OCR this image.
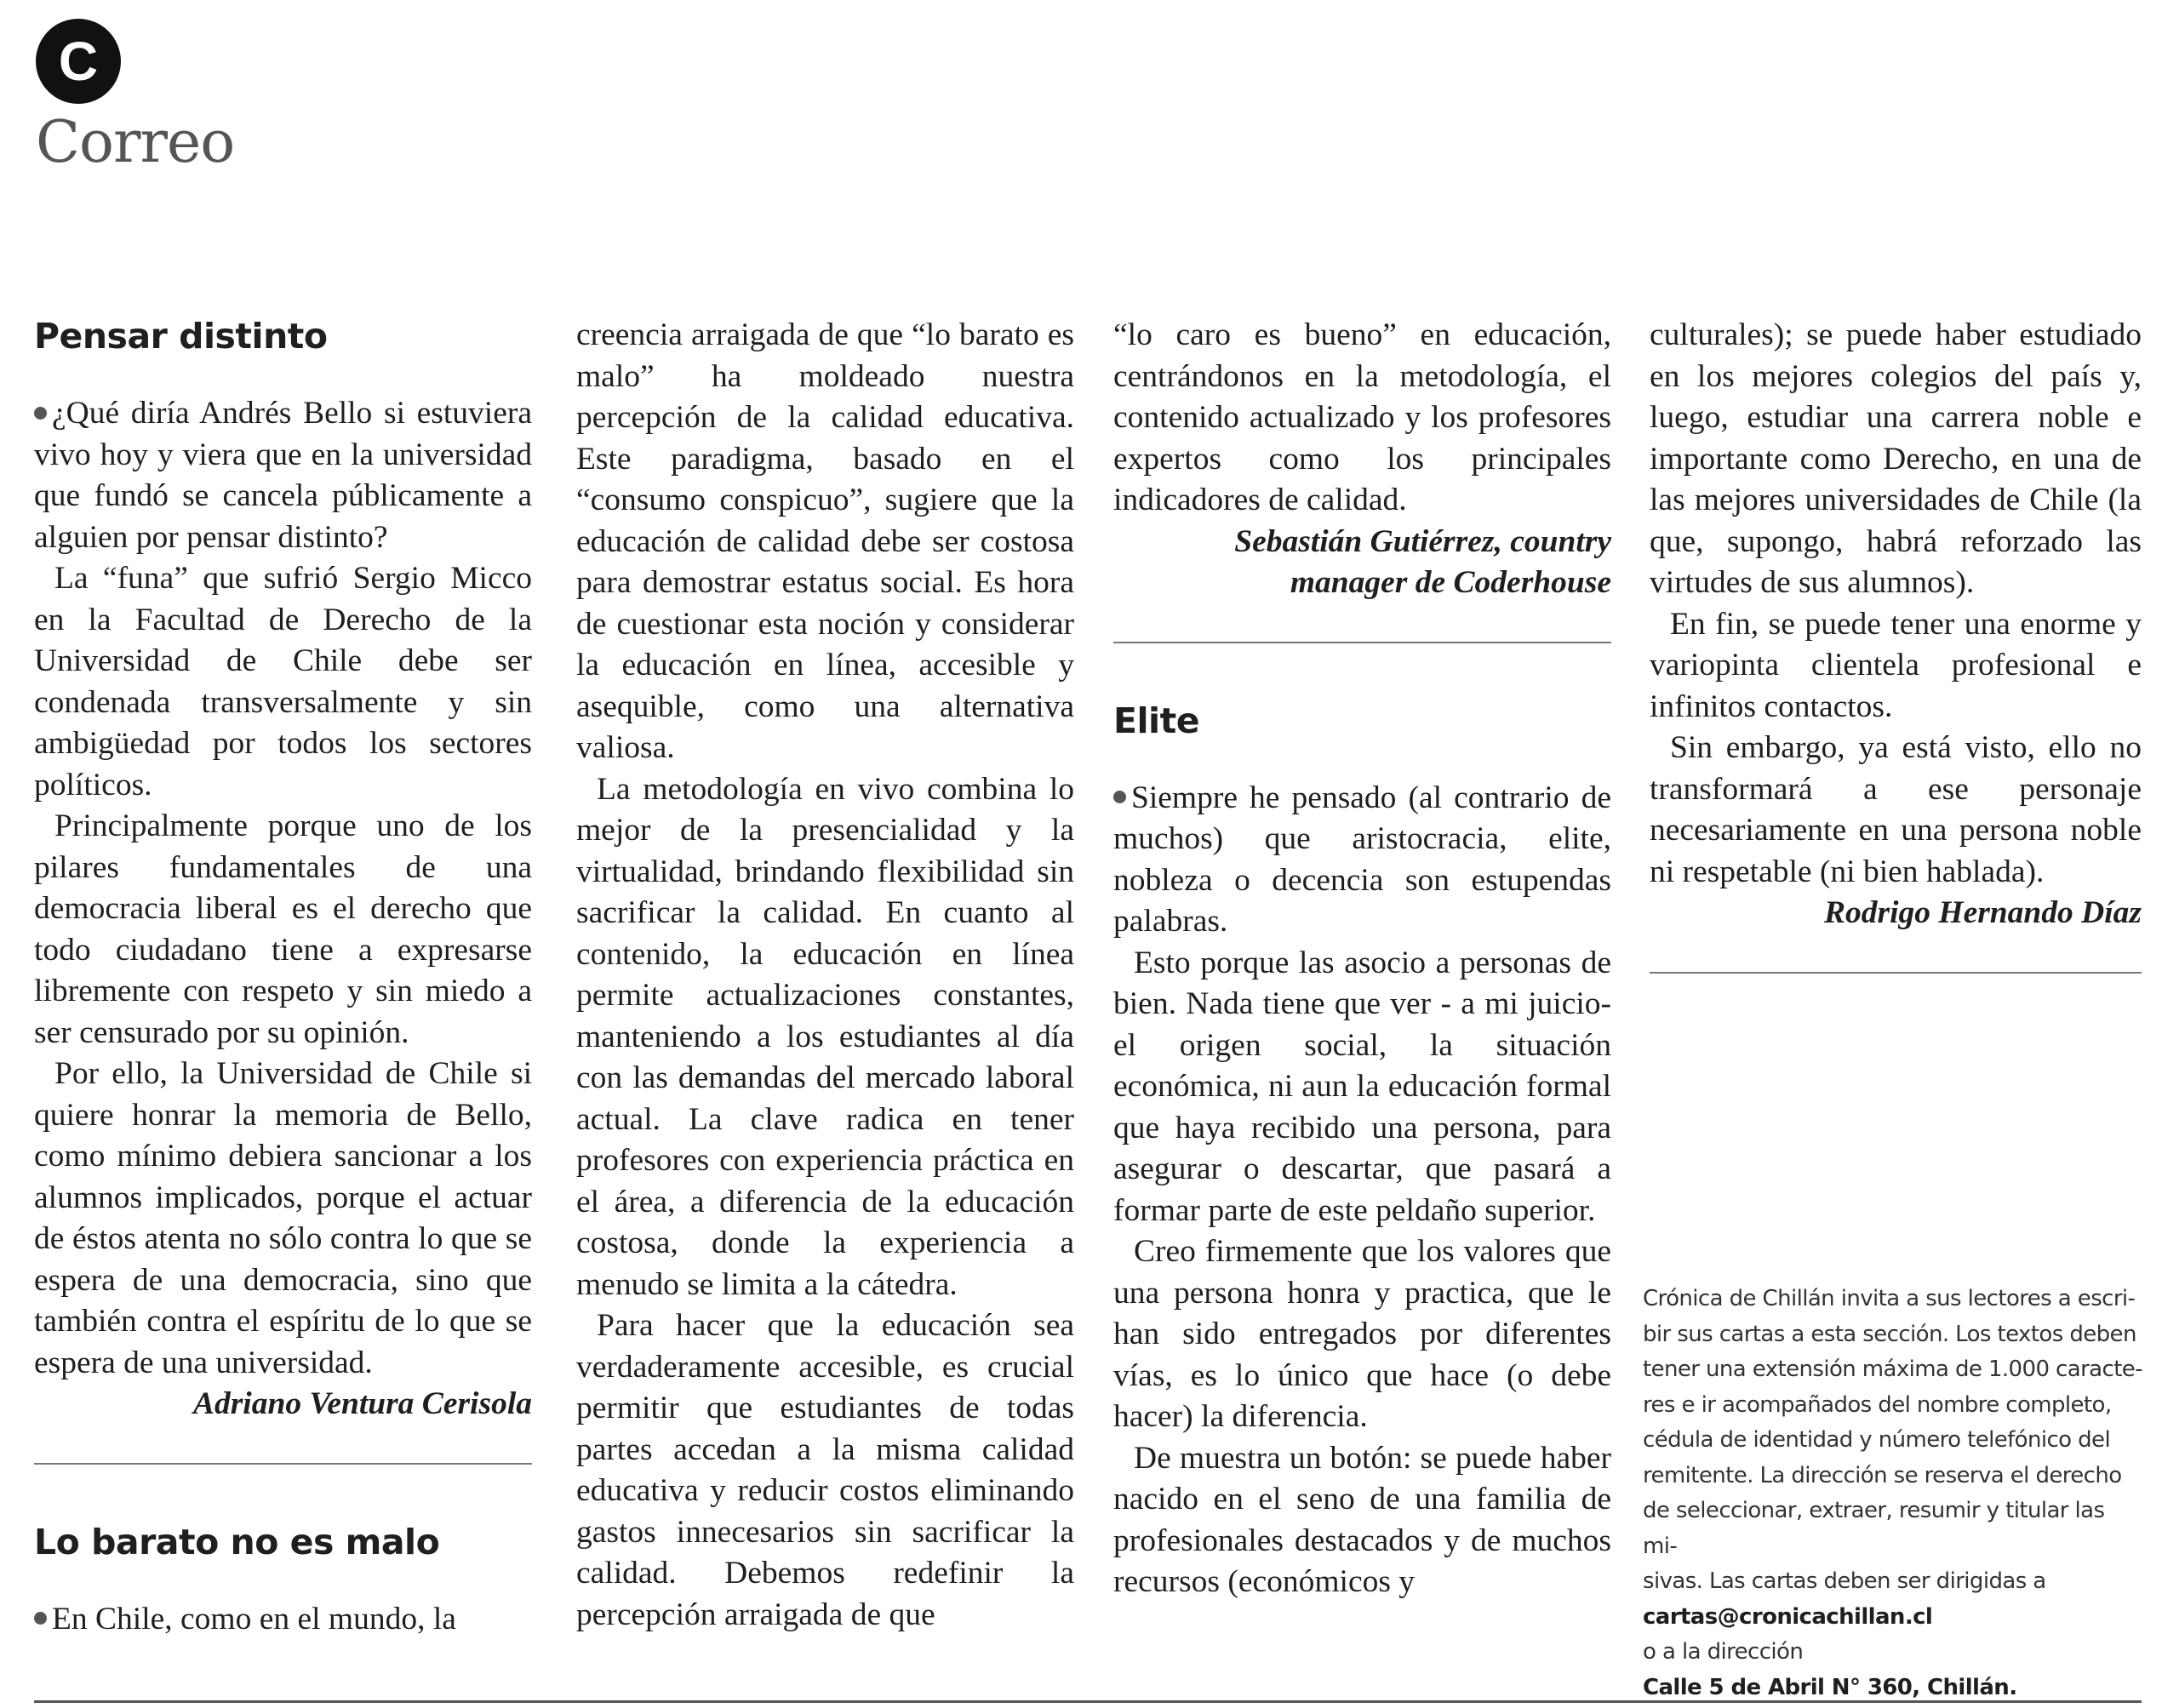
C
Correo
Pensar distinto

¿Qué diría Andrés Bello si estuviera vivo hoy y viera que en la universidad que fundó se cancela públicamente a alguien por pensar distinto?

La “funa” que sufrió Sergio Micco en la Facultad de Derecho de la Universidad de Chile debe ser condenada transversalmente y sin ambigüedad por todos los sectores políticos.

Principalmente porque uno de los pilares fundamentales de una democracia liberal es el derecho que todo ciudadano tiene a expresarse libremente con respeto y sin miedo a ser censurado por su opinión.

Por ello, la Universidad de Chile si quiere honrar la memoria de Bello, como mínimo debiera sancionar a los alumnos implicados, porque el actuar de éstos atenta no sólo contra lo que se espera de una democracia, sino que también contra el espíritu de lo que se espera de una universidad.

Adriano Ventura Cerisola

Lo barato no es malo

En Chile, como en el mundo, la

creencia arraigada de que “lo barato es malo” ha moldeado nuestra percepción de la calidad educativa. Este paradigma, basado en el “consumo conspicuo”, sugiere que la educación de calidad debe ser costosa para demostrar estatus social. Es hora de cuestionar esta noción y considerar la educación en línea, accesible y asequible, como una alternativa valiosa.

La metodología en vivo combina lo mejor de la presencialidad y la virtualidad, brindando flexibilidad sin sacrificar la calidad. En cuanto al contenido, la educación en línea permite actualizaciones constantes, manteniendo a los estudiantes al día con las demandas del mercado laboral actual. La clave radica en tener profesores con experiencia práctica en el área, a diferencia de la educación costosa, donde la experiencia a menudo se limita a la cátedra.

Para hacer que la educación sea verdaderamente accesible, es crucial permitir que estudiantes de todas partes accedan a la misma calidad educativa y reducir costos eliminando gastos innecesarios sin sacrificar la calidad. Debemos redefinir la percepción arraigada de que

“lo caro es bueno” en educación, centrándonos en la metodología, el contenido actualizado y los profesores expertos como los principales indicadores de calidad.

Sebastián Gutiérrez, country manager de Coderhouse

Elite

Siempre he pensado (al contrario de muchos) que aristocracia, elite, nobleza o decencia son estupendas palabras.

Esto porque las asocio a personas de bien. Nada tiene que ver - a mi juicio- el origen social, la situación económica, ni aun la educación formal que haya recibido una persona, para asegurar o descartar, que pasará a formar parte de este peldaño superior.

Creo firmemente que los valores que una persona honra y practica, que le han sido entregados por diferentes vías, es lo único que hace (o debe hacer) la diferencia.

De muestra un botón: se puede haber nacido en el seno de una familia de profesionales destacados y de muchos recursos (económicos y

culturales); se puede haber estudiado en los mejores colegios del país y, luego, estudiar una carrera noble e importante como Derecho, en una de las mejores universidades de Chile (la que, supongo, habrá reforzado las virtudes de sus alumnos).

En fin, se puede tener una enorme y variopinta clientela profesional e infinitos contactos.

Sin embargo, ya está visto, ello no transformará a ese personaje necesariamente en una persona noble ni respetable (ni bien hablada).

Rodrigo Hernando Díaz

Crónica de Chillán invita a sus lectores a escri-
bir sus cartas a esta sección. Los textos deben
tener una extensión máxima de 1.000 caracte-
res e ir acompañados del nombre completo,
cédula de identidad y número telefónico del
remitente. La dirección se reserva el derecho
de seleccionar, extraer, resumir y titular las mi-
sivas. Las cartas deben ser dirigidas a
cartas@cronicachillan.cl
o a la dirección
Calle 5 de Abril N° 360, Chillán.
